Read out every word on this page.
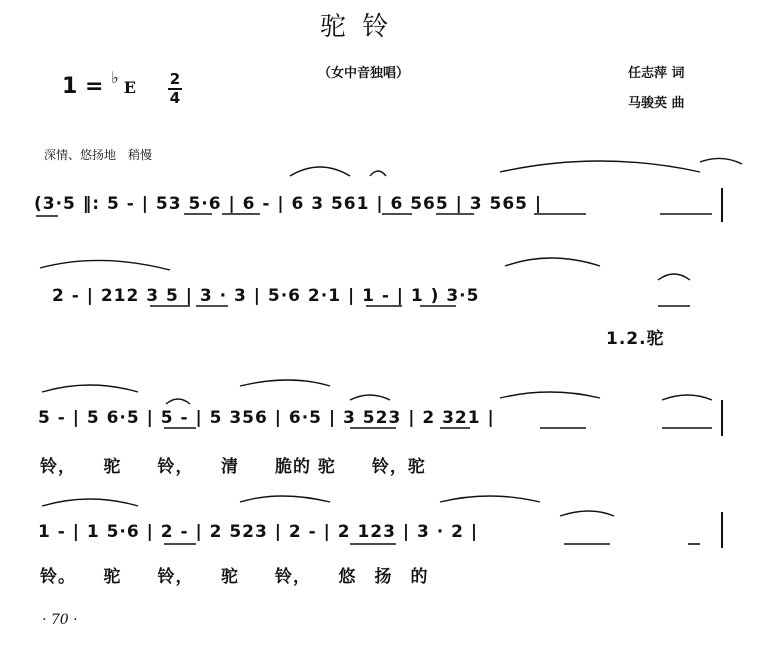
驼 铃
（女中音独唱）	任志萍 词
马骏英 曲
1 = ♭ E 2
4
深情、悠扬地　稍慢
(3·5 ‖: 5 - | 53 5·6 | 6 - | 6 3 561 | 6 565 | 3 565 |
2 - | 212 3 5 | 3 · 3 | 5·6 2·1 | 1 - | 1 ) 3·5
1.2.驼
5 - | 5 6·5 | 5 - | 5 356 | 6·5 | 3 523 | 2 321 |
铃，　　驼　　铃，　　清　　脆的 驼　　铃，驼
1 - | 1 5·6 | 2 - | 2 523 | 2 - | 2 123 | 3 · 2 |
铃。　　驼　　铃，　　驼　　铃，　　悠　扬　的
· 70 ·
